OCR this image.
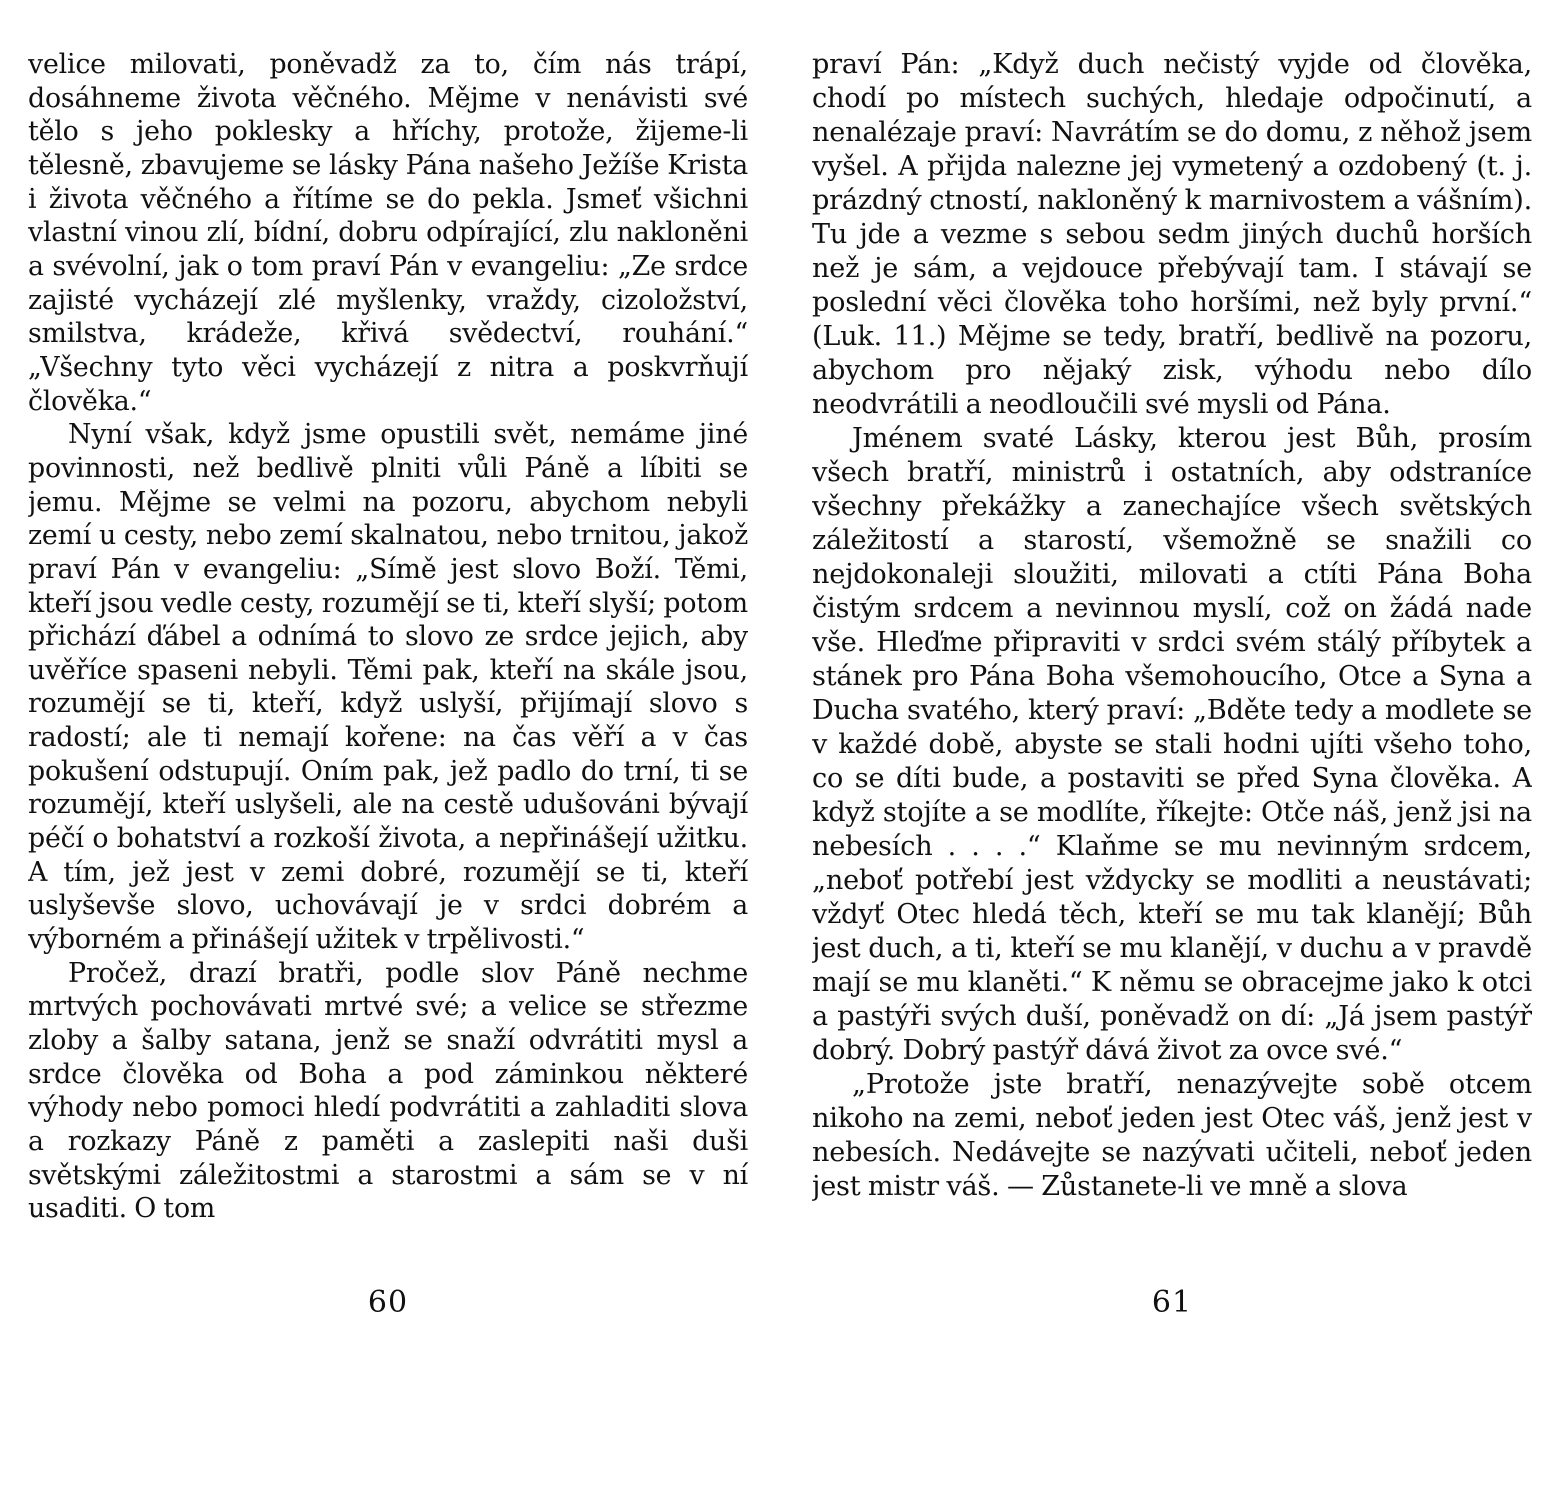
velice milovati, poněvadž za to, čím nás trápí, dosáhneme života věčného. Mějme v nenávisti své tělo s jeho poklesky a hříchy, protože, žijeme-li tělesně, zbavujeme se lásky Pána našeho Ježíše Krista i života věčného a řítíme se do pekla. Jsmeť všichni vlastní vinou zlí, bídní, dobru odpírající, zlu nakloněni a svévolní, jak o tom praví Pán v evangeliu: „Ze srdce zajisté vycházejí zlé myšlenky, vraždy, cizoložství, smilstva, krádeže, křivá svědectví, rouhání.“ „Všechny tyto věci vycházejí z nitra a poskvrňují člověka.“

Nyní však, když jsme opustili svět, nemáme jiné povinnosti, než bedlivě plniti vůli Páně a líbiti se jemu. Mějme se velmi na pozoru, abychom nebyli zemí u cesty, nebo zemí skalnatou, nebo trnitou, jakož praví Pán v evangeliu: „Símě jest slovo Boží. Těmi, kteří jsou vedle cesty, rozumějí se ti, kteří slyší; potom přichází ďábel a odnímá to slovo ze srdce jejich, aby uvěříce spaseni nebyli. Těmi pak, kteří na skále jsou, rozumějí se ti, kteří, když uslyší, přijímají slovo s radostí; ale ti nemají kořene: na čas věří a v čas pokušení odstupují. Oním pak, jež padlo do trní, ti se rozumějí, kteří uslyšeli, ale na cestě udušováni bývají péčí o bohatství a rozkoší života, a nepřinášejí užitku. A tím, jež jest v zemi dobré, rozumějí se ti, kteří uslyševše slovo, uchovávají je v srdci dobrém a výborném a přinášejí užitek v trpělivosti.“

Pročež, drazí bratři, podle slov Páně nechme mrtvých pochovávati mrtvé své; a velice se střezme zloby a šalby satana, jenž se snaží odvrátiti mysl a srdce člověka od Boha a pod záminkou některé výhody nebo pomoci hledí podvrátiti a zahladiti slova a rozkazy Páně z paměti a zaslepiti naši duši světskými záležitostmi a starostmi a sám se v ní usaditi. O tom

praví Pán: „Když duch nečistý vyjde od člověka, chodí po místech suchých, hledaje odpočinutí, a nenalézaje praví: Navrátím se do domu, z něhož jsem vyšel. A přijda nalezne jej vymetený a ozdobený (t. j. prázdný ctností, nakloněný k marnivostem a vášním). Tu jde a vezme s sebou sedm jiných duchů horších než je sám, a vejdouce přebývají tam. I stávají se poslední věci člověka toho horšími, než byly první.“ (Luk. 11.) Mějme se tedy, bratří, bedlivě na pozoru, abychom pro nějaký zisk, výhodu nebo dílo neodvrátili a neodloučili své mysli od Pána.

Jménem svaté Lásky, kterou jest Bůh, prosím všech bratří, ministrů i ostatních, aby odstraníce všechny překážky a zanechajíce všech světských záležitostí a starostí, všemožně se snažili co nejdokonaleji sloužiti, milovati a ctíti Pána Boha čistým srdcem a nevinnou myslí, což on žádá nade vše. Hleďme připraviti v srdci svém stálý příbytek a stánek pro Pána Boha všemohoucího, Otce a Syna a Ducha svatého, který praví: „Bděte tedy a modlete se v každé době, abyste se stali hodni ujíti všeho toho, co se díti bude, a postaviti se před Syna člověka. A když stojíte a se modlíte, říkejte: Otče náš, jenž jsi na nebesích . . . .“ Klaňme se mu nevinným srdcem, „neboť potřebí jest vždycky se modliti a neustávati; vždyť Otec hledá těch, kteří se mu tak klanějí; Bůh jest duch, a ti, kteří se mu klanějí, v duchu a v pravdě mají se mu klaněti.“ K němu se obracejme jako k otci a pastýři svých duší, poněvadž on dí: „Já jsem pastýř dobrý. Dobrý pastýř dává život za ovce své.“

„Protože jste bratří, nenazývejte sobě otcem nikoho na zemi, neboť jeden jest Otec váš, jenž jest v nebesích. Nedávejte se nazývati učiteli, neboť jeden jest mistr váš. — Zůstanete-li ve mně a slova

60	61
